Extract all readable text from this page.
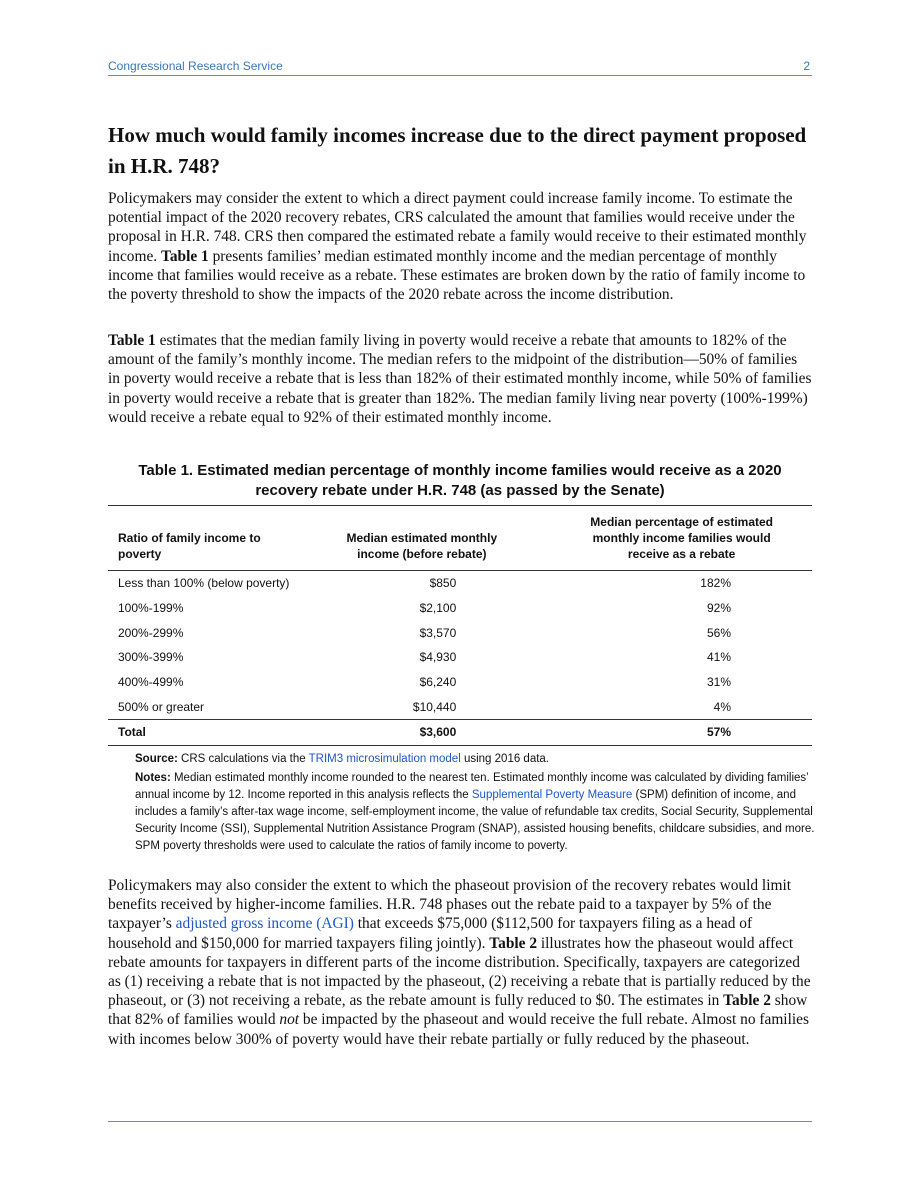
Congressional Research Service	2
How much would family incomes increase due to the direct payment proposed in H.R. 748?

Policymakers may consider the extent to which a direct payment could increase family income. To estimate the potential impact of the 2020 recovery rebates, CRS calculated the amount that families would receive under the proposal in H.R. 748. CRS then compared the estimated rebate a family would receive to their estimated monthly income. Table 1 presents families’ median estimated monthly income and the median percentage of monthly income that families would receive as a rebate. These estimates are broken down by the ratio of family income to the poverty threshold to show the impacts of the 2020 rebate across the income distribution.

Table 1 estimates that the median family living in poverty would receive a rebate that amounts to 182% of the amount of the family’s monthly income. The median refers to the midpoint of the distribution—50% of families in poverty would receive a rebate that is less than 182% of their estimated monthly income, while 50% of families in poverty would receive a rebate that is greater than 182%. The median family living near poverty (100%-199%) would receive a rebate equal to 92% of their estimated monthly income.

Table 1. Estimated median percentage of monthly income families would receive as a 2020 recovery rebate under H.R. 748 (as passed by the Senate)
Ratio of family income to poverty	Median estimated monthly income (before rebate)	Median percentage of estimated monthly income families would receive as a rebate

Less than 100% (below poverty)	$850	182%
100%-199%	$2,100	92%
200%-299%	$3,570	56%
300%-399%	$4,930	41%
400%-499%	$6,240	31%
500% or greater	$10,440	4%
Total	$3,600	57%
Source: CRS calculations via the TRIM3 microsimulation model using 2016 data.
Notes: Median estimated monthly income rounded to the nearest ten. Estimated monthly income was calculated by dividing families’ annual income by 12. Income reported in this analysis reflects the Supplemental Poverty Measure (SPM) definition of income, and includes a family’s after-tax wage income, self-employment income, the value of refundable tax credits, Social Security, Supplemental Security Income (SSI), Supplemental Nutrition Assistance Program (SNAP), assisted housing benefits, childcare subsidies, and more. SPM poverty thresholds were used to calculate the ratios of family income to poverty.

Policymakers may also consider the extent to which the phaseout provision of the recovery rebates would limit benefits received by higher-income families. H.R. 748 phases out the rebate paid to a taxpayer by 5% of the taxpayer’s adjusted gross income (AGI) that exceeds $75,000 ($112,500 for taxpayers filing as a head of household and $150,000 for married taxpayers filing jointly). Table 2 illustrates how the phaseout would affect rebate amounts for taxpayers in different parts of the income distribution. Specifically, taxpayers are categorized as (1) receiving a rebate that is not impacted by the phaseout, (2) receiving a rebate that is partially reduced by the phaseout, or (3) not receiving a rebate, as the rebate amount is fully reduced to $0. The estimates in Table 2 show that 82% of families would not be impacted by the phaseout and would receive the full rebate. Almost no families with incomes below 300% of poverty would have their rebate partially or fully reduced by the phaseout.
